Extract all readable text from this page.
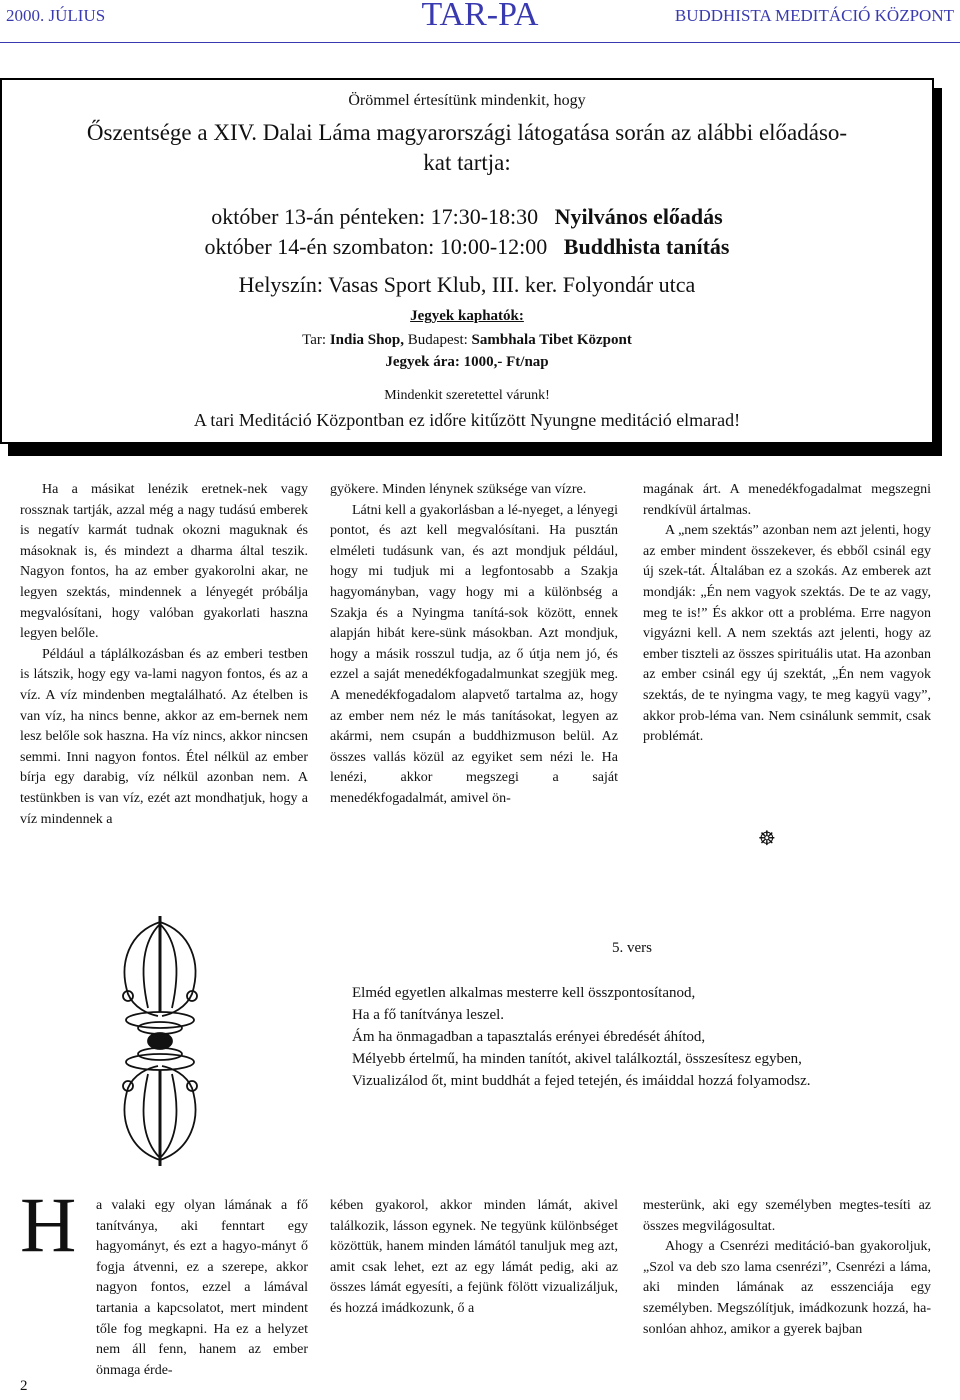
2000. JÚLIUS	TAR-PA	BUDDHISTA MEDITÁCIÓ KÖZPONT
Örömmel értesítünk mindenkit, hogy
Őszentsége a XIV. Dalai Láma magyarországi látogatása során az alábbi előadáso-
kat tartja:
október 13-án pénteken: 17:30-18:30 Nyilvános előadás
október 14-én szombaton: 10:00-12:00 Buddhista tanítás
Helyszín: Vasas Sport Klub, III. ker. Folyondár utca
Jegyek kaphatók:
Tar: India Shop, Budapest: Sambhala Tibet Központ
Jegyek ára: 1000,- Ft/nap
Mindenkit szeretettel várunk!
A tari Meditáció Központban ez időre kitűzött Nyungne meditáció elmarad!

Ha a másikat lenézik eretnek-nek vagy rossznak tartják, azzal még a nagy tudású emberek is negatív karmát tudnak okozni maguknak és másoknak is, és mindezt a dharma által teszik. Nagyon fontos, ha az ember gyakorolni akar, ne legyen szektás, mindennek a lényegét próbálja megvalósítani, hogy valóban gyakorlati haszna legyen belőle.

Például a táplálkozásban és az emberi testben is látszik, hogy egy va-lami nagyon fontos, és az a víz. A víz mindenben megtalálható. Az ételben is van víz, ha nincs benne, akkor az em-bernek nem lesz belőle sok haszna. Ha víz nincs, akkor nincsen semmi. Inni nagyon fontos. Étel nélkül az ember bírja egy darabig, víz nélkül azonban nem. A testünkben is van víz, ezét azt mondhatjuk, hogy a víz mindennek a

gyökere. Minden lénynek szüksége van vízre.

Látni kell a gyakorlásban a lé-nyeget, a lényegi pontot, és azt kell megvalósítani. Ha pusztán elméleti tudásunk van, és azt mondjuk például, hogy mi tudjuk mi a legfontosabb a Szakja hagyományban, vagy hogy mi a különbség a Szakja és a Nyingma tanítá-sok között, ennek alapján hibát kere-sünk másokban. Azt mondjuk, hogy a másik rosszul tudja, az ő útja nem jó, és ezzel a saját menedékfogadalmunkat szegjük meg. A menedékfogadalom alapvető tartalma az, hogy az ember nem néz le más tanításokat, legyen az akármi, nem csupán a buddhizmuson belül. Az összes vallás közül az egyiket sem nézi le. Ha lenézi, akkor megszegi a saját menedékfogadalmát, amivel ön-

magának árt. A menedékfogadalmat megszegni rendkívül ártalmas.

A „nem szektás” azonban nem azt jelenti, hogy az ember mindent összekever, és ebből csinál egy új szek-tát. Általában ez a szokás. Az emberek azt mondják: „Én nem vagyok szektás. De te az vagy, meg te is!” És akkor ott a probléma. Erre nagyon vigyázni kell. A nem szektás azt jelenti, hogy az ember tiszteli az összes spirituális utat. Ha azonban az ember csinál egy új szektát, „Én nem vagyok szektás, de te nyingma vagy, te meg kagyü vagy”, akkor prob-léma van. Nem csinálunk semmit, csak problémát.

☸
5. vers
Elméd egyetlen alkalmas mesterre kell összpontosítanod,
Ha a fő tanítványa leszel.
Ám ha önmagadban a tapasztalás erényei ébredését áhítod,
Mélyebb értelmű, ha minden tanítót, akivel találkoztál, összesítesz egyben,
Vizualizálod őt, mint buddhát a fejed tetején, és imáiddal hozzá folyamodsz.
H	a valaki egy olyan lámának a fő tanítványa, aki fenntart egy hagyományt, és ezt a hagyo-mányt ő fogja átvenni, ez a szerepe, akkor nagyon fontos, ezzel a lámával tartania a kapcsolatot, mert mindent tőle fog megkapni. Ha ez a helyzet nem áll fenn, hanem az ember önmaga érde-

kében gyakorol, akkor minden lámát, akivel találkozik, lásson egynek. Ne tegyünk különbséget közöttük, hanem minden lámától tanuljuk meg azt, amit csak lehet, ezt az egy lámát pedig, aki az összes lámát egyesíti, a fejünk fölött vizualizáljuk, és hozzá imádkozunk, ő a

mesterünk, aki egy személyben megtes-tesíti az összes megvilágosultat.

Ahogy a Csenrézi meditáció-ban gyakoroljuk, „Szol va deb szo lama csenrézi”, Csenrézi a láma, aki minden lámának az esszenciája egy személyben. Megszólítjuk, imádkozunk hozzá, ha-sonlóan ahhoz, amikor a gyerek bajban

2
